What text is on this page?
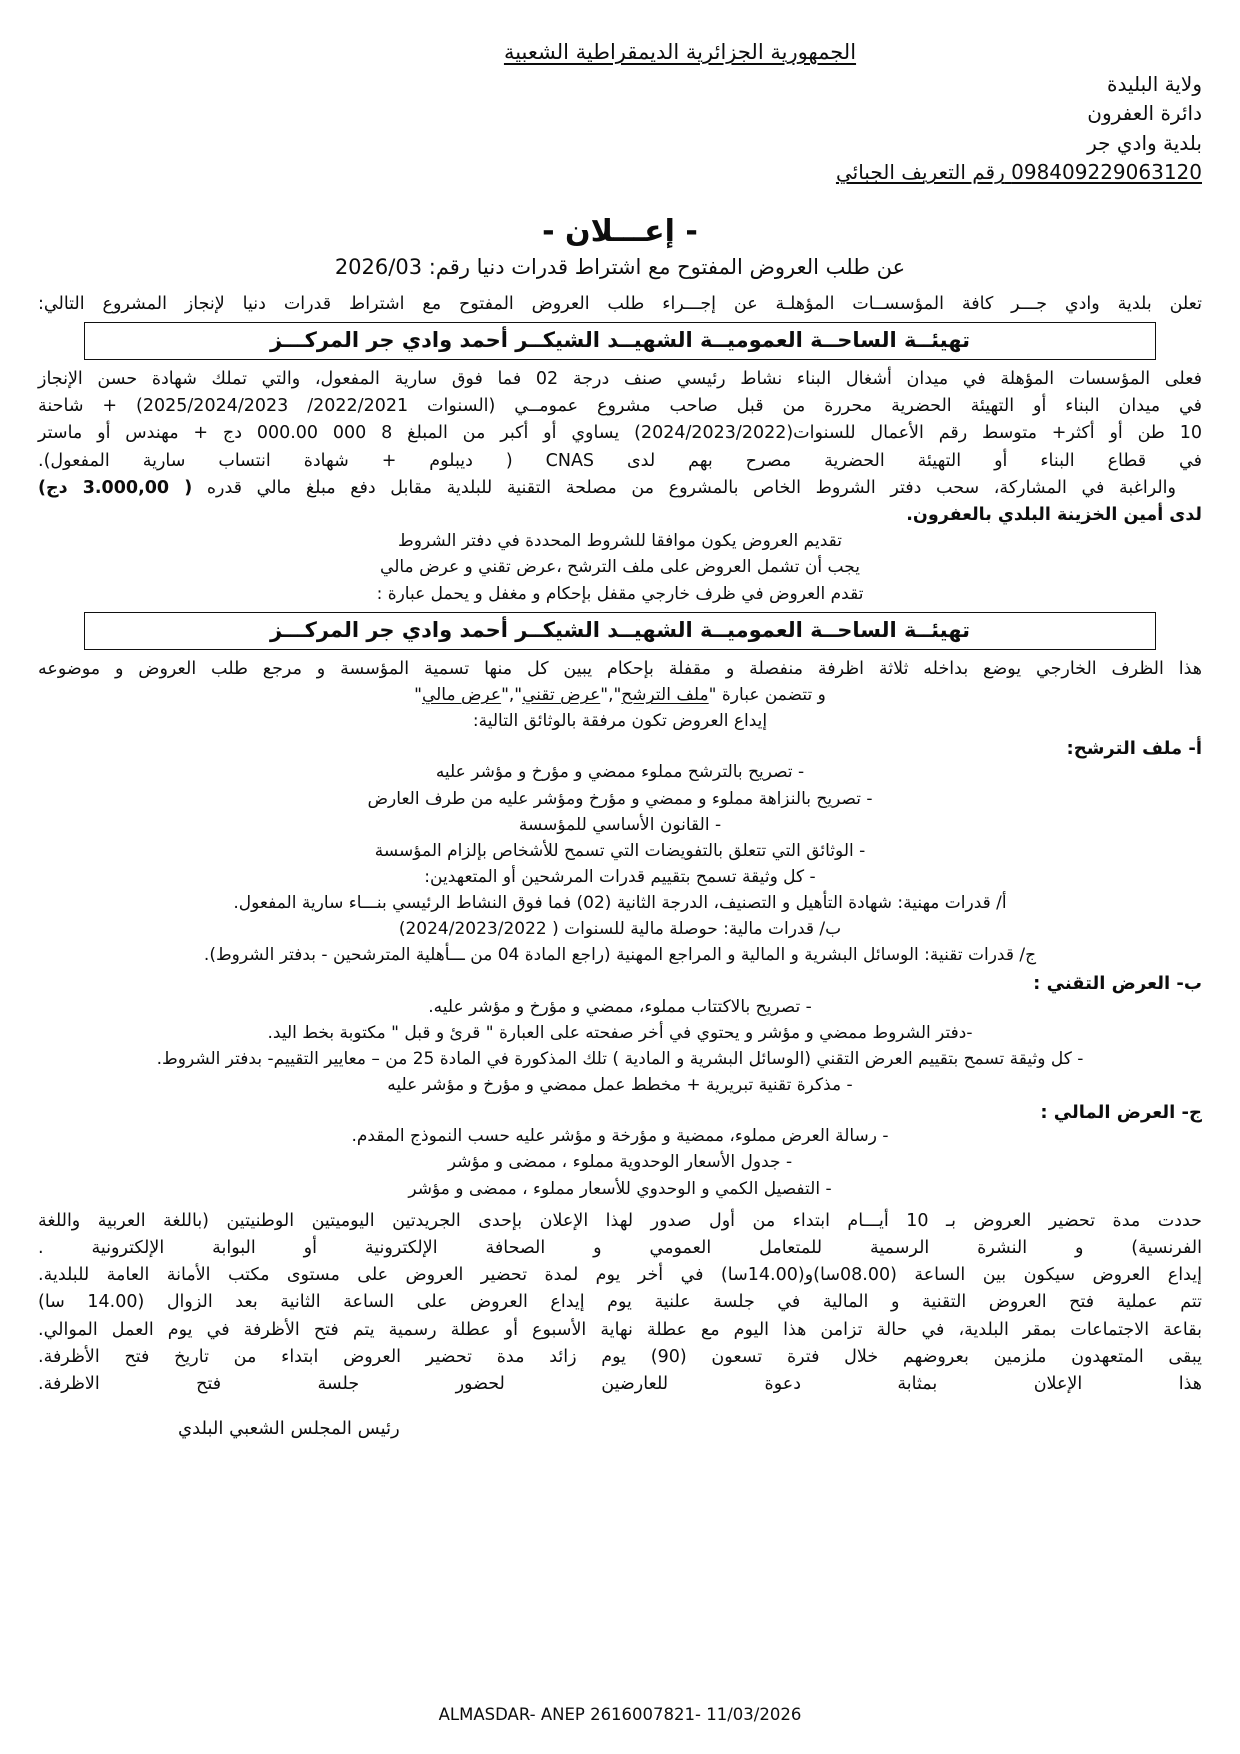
الجمهورية الجزائرية الديمقراطية الشعبية
ولاية البليدة
دائرة العفرون
بلدية وادي جر
098409229063120 رقم التعريف الجبائي
- إعـــلان -
عن طلب العروض المفتوح مع اشتراط قدرات دنيا رقم: 2026/03

تعلن بلدية وادي جـــر كافة المؤسســات المؤهلـة عن إجـــراء طلب العروض المفتوح مع اشتراط قدرات دنيا لإنجاز المشروع التالي:

تهيئــة الساحــة العموميــة الشهيــد الشيكــر أحمد وادي جر المركـــز

فعلى المؤسسات المؤهلة في ميدان أشغال البناء نشاط رئيسي صنف درجة 02 فما فوق سارية المفعول، والتي تملك شهادة حسن الإنجاز

في ميدان البناء أو التهيئة الحضرية محررة من قبل صاحب مشروع عمومــي (السنوات 2022/2021/ 2025/2024/2023) + شاحنة

10 طن أو أكثر+ متوسط رقم الأعمال للسنوات(2024/2023/2022) يساوي أو أكبر من المبلغ 8 000 000.00 دج + مهندس أو ماستر

في قطاع البناء أو التهيئة الحضرية مصرح بهم لدى CNAS ( ديبلوم + شهادة انتساب سارية المفعول).

والراغبة في المشاركة، سحب دفتر الشروط الخاص بالمشروع من مصلحة التقنية للبلدية مقابل دفع مبلغ مالي قدره ( 3.000,00 دج)

لدى أمين الخزينة البلدي بالعفرون.

تقديم العروض يكون موافقا للشروط المحددة في دفتر الشروط

يجب أن تشمل العروض على ملف الترشح ،عرض تقني و عرض مالي

تقدم العروض في ظرف خارجي مقفل بإحكام و مغفل و يحمل عبارة :

تهيئــة الساحــة العموميــة الشهيــد الشيكــر أحمد وادي جر المركـــز

هذا الظرف الخارجي يوضع بداخله ثلاثة اظرفة منفصلة و مقفلة بإحكام يبين كل منها تسمية المؤسسة و مرجع طلب العروض و موضوعه

و تتضمن عبارة "ملف الترشح","عرض تقني","عرض مالي"

إيداع العروض تكون مرفقة بالوثائق التالية:

أ- ملف الترشح:

- تصريح بالترشح مملوء ممضي و مؤرخ و مؤشر عليه

- تصريح بالنزاهة مملوء و ممضي و مؤرخ وم‍ؤشر عليه من طرف العارض

- القانون الأساسي للمؤسسة

- الوثائق التي تتعلق بالتفويضات التي تسمح للأشخاص بإلزام المؤسسة

- كل وثيقة تسمح بتقييم قدرات المرشحين أو المتعهدين:

أ/ قدرات مهنية: شهادة التأهيل و التصنيف، الدرجة الثانية (02) فما فوق النشاط الرئيسي بنـــاء سارية المفعول.

ب/ قدرات مالية: حوصلة مالية للسنوات ( 2024/2023/2022)

ج/ قدرات تقنية: الوسائل البشرية و المالية و المراجع المهنية (راجع المادة 04 من ـــأهلية المترشحين - بدفتر الشروط).

ب- العرض التقني :

- تصريح بالاكتتاب مملوء، ممضي و مؤرخ و مؤشر عليه.

-دفتر الشروط ممضي و مؤشر و يحتوي في أخر صفحته على العبارة " قرئ و قبل " مكتوبة بخط اليد.

- كل وثيقة تسمح بتقييم العرض التقني (الوسائل البشرية و المادية ) تلك المذكورة في المادة 25 من – معايير التقييم- بدفتر الشروط.

- مذكرة تقنية تبريرية + مخطط عمل ممضي و مؤرخ و مؤشر عليه

ج- العرض المالي :

- رسالة العرض مملوء، ممضية و مؤرخة و مؤشر عليه حسب النموذج المقدم.

- جدول الأسعار الوحدوية مملوء ، ممضى و مؤشر

- التفصيل الكمي و الوحدوي للأسعار مملوء ، ممضى و مؤشر

حددت مدة تحضير العروض بـ 10 أيـــام ابتداء من أول صدور لهذا الإعلان بإحدى الجريدتين اليوميتين الوطنيتين (باللغة العربية واللغة

الفرنسية) و النشرة الرسمية للمتعامل العمومي و الصحافة الإلكترونية أو البوابة الإلكترونية .

إيداع العروض سيكون بين الساعة (08.00سا)و(14.00سا) في أخر يوم لمدة تحضير العروض على مستوى مكتب الأمانة العامة للبلدية.

تتم عملية فتح العروض التقنية و المالية في جلسة علنية يوم إيداع العروض على الساعة الثانية بعد الزوال (14.00 سا)

بقاعة الاجتماعات بمقر البلدية، في حالة تزامن هذا اليوم مع عطلة نهاية الأسبوع أو عطلة رسمية يتم فتح الأظرفة في يوم العمل الموالي.

يبقى المتعهدون ملزمين بعروضهم خلال فترة تسعون (90) يوم زائد مدة تحضير العروض ابتداء من تاريخ فتح الأظرفة.

هذا الإعلان بمثابة دعوة للعارضين لحضور جلسة فتح الاظرفة.

رئيس المجلس الشعبي البلدي
ALMASDAR- ANEP 2616007821- 11/03/2026
